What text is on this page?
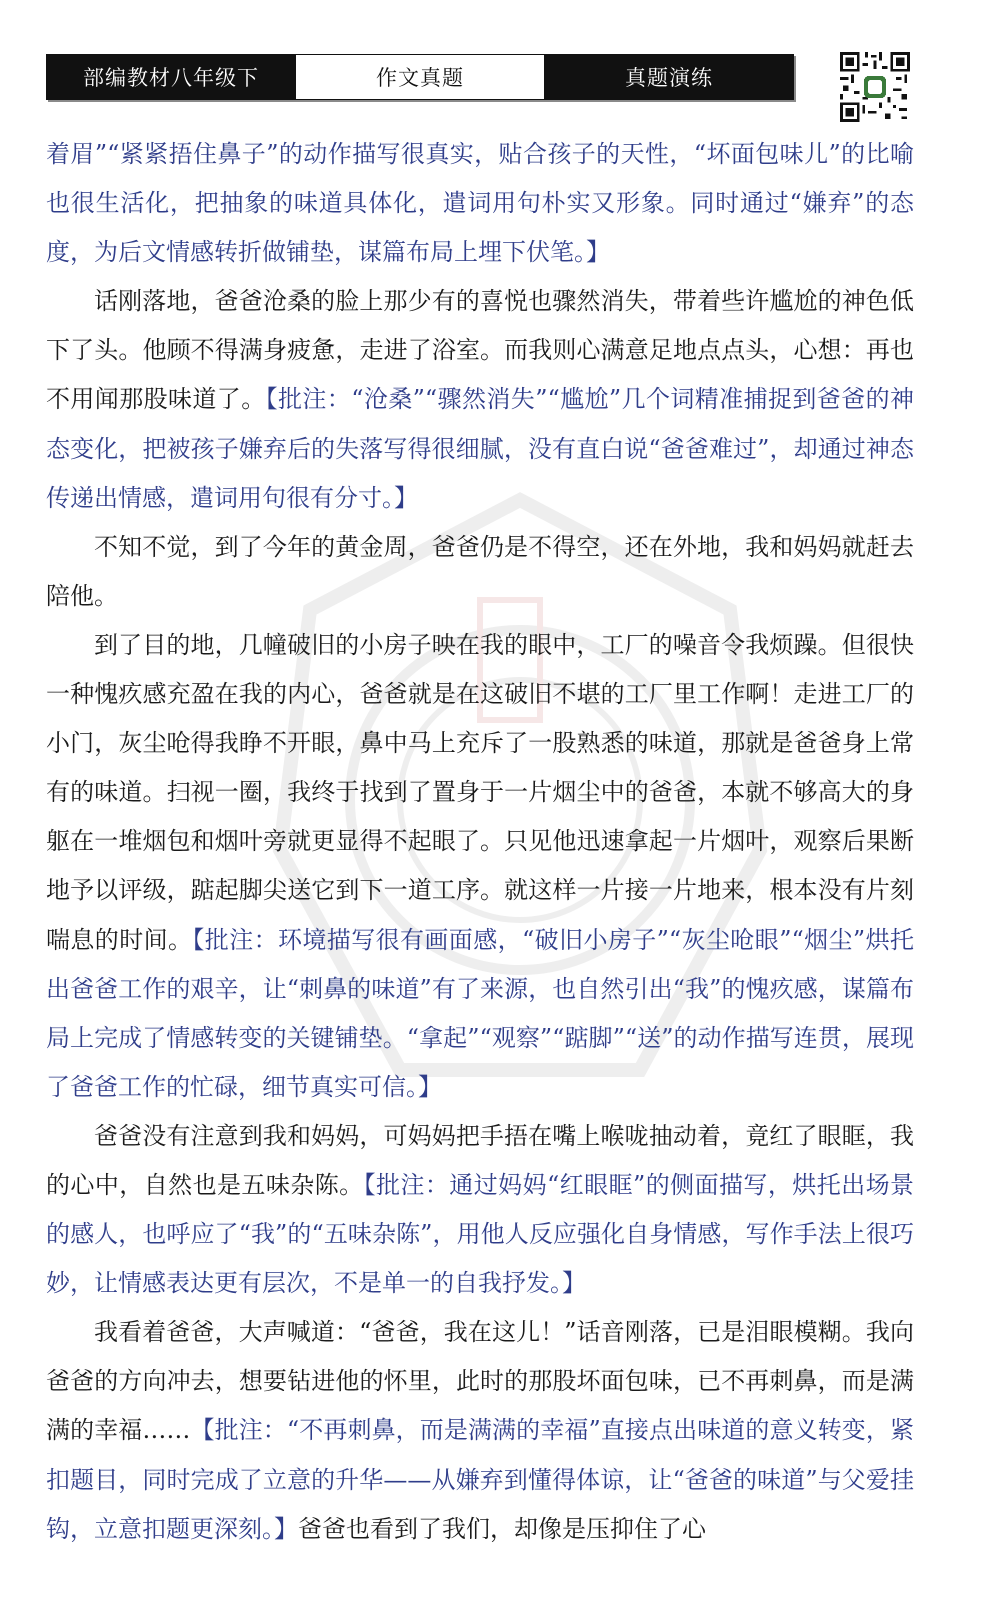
部编教材八年级下	作文真题	真题演练

着眉”“紧紧捂住鼻子”的动作描写很真实，贴合孩子的天性，“坏面包味儿”的比喻也很生活化，把抽象的味道具体化，遣词用句朴实又形象。同时通过“嫌弃”的态度，为后文情感转折做铺垫，谋篇布局上埋下伏笔。】

话刚落地，爸爸沧桑的脸上那少有的喜悦也骤然消失，带着些许尴尬的神色低下了头。他顾不得满身疲惫，走进了浴室。而我则心满意足地点点头，心想：再也不用闻那股味道了。【批注：“沧桑”“骤然消失”“尴尬”几个词精准捕捉到爸爸的神态变化，把被孩子嫌弃后的失落写得很细腻，没有直白说“爸爸难过”，却通过神态传递出情感，遣词用句很有分寸。】

不知不觉，到了今年的黄金周，爸爸仍是不得空，还在外地，我和妈妈就赶去陪他。

到了目的地，几幢破旧的小房子映在我的眼中，工厂的噪音令我烦躁。但很快一种愧疚感充盈在我的内心，爸爸就是在这破旧不堪的工厂里工作啊！走进工厂的小门，灰尘呛得我睁不开眼，鼻中马上充斥了一股熟悉的味道，那就是爸爸身上常有的味道。扫视一圈，我终于找到了置身于一片烟尘中的爸爸，本就不够高大的身躯在一堆烟包和烟叶旁就更显得不起眼了。只见他迅速拿起一片烟叶，观察后果断地予以评级，踮起脚尖送它到下一道工序。就这样一片接一片地来，根本没有片刻喘息的时间。【批注：环境描写很有画面感，“破旧小房子”“灰尘呛眼”“烟尘”烘托出爸爸工作的艰辛，让“刺鼻的味道”有了来源，也自然引出“我”的愧疚感，谋篇布局上完成了情感转变的关键铺垫。“拿起”“观察”“踮脚”“送”的动作描写连贯，展现了爸爸工作的忙碌，细节真实可信。】

爸爸没有注意到我和妈妈，可妈妈把手捂在嘴上喉咙抽动着，竟红了眼眶，我的心中，自然也是五味杂陈。【批注：通过妈妈“红眼眶”的侧面描写，烘托出场景的感人，也呼应了“我”的“五味杂陈”，用他人反应强化自身情感，写作手法上很巧妙，让情感表达更有层次，不是单一的自我抒发。】

我看着爸爸，大声喊道：“爸爸，我在这儿！”话音刚落，已是泪眼模糊。我向爸爸的方向冲去，想要钻进他的怀里，此时的那股坏面包味，已不再刺鼻，而是满满的幸福……【批注：“不再刺鼻，而是满满的幸福”直接点出味道的意义转变，紧扣题目，同时完成了立意的升华——从嫌弃到懂得体谅，让“爸爸的味道”与父爱挂钩，立意扣题更深刻。】爸爸也看到了我们，却像是压抑住了心
